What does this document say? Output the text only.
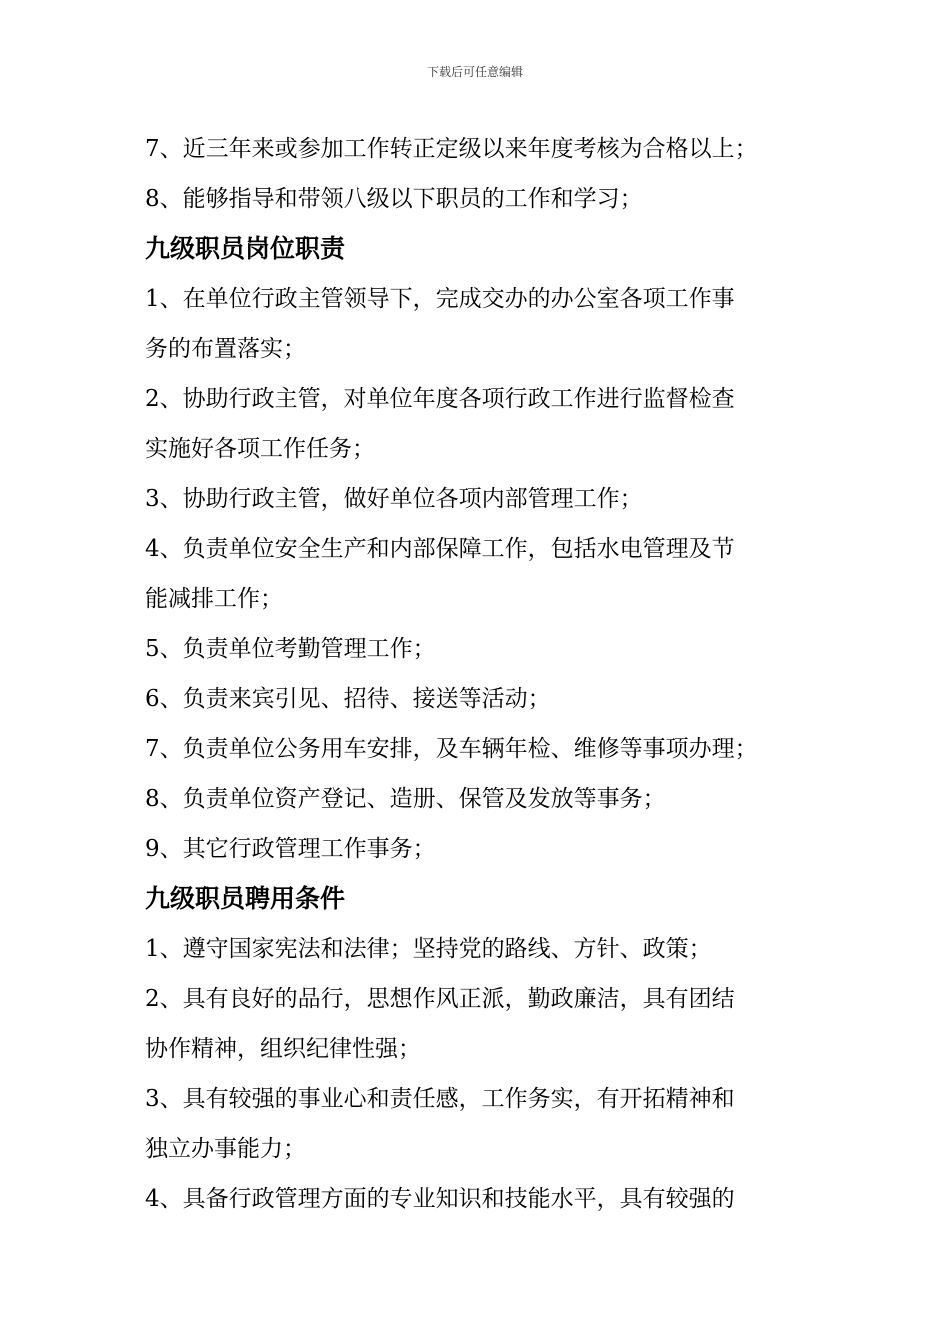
下载后可任意编辑
7、近三年来或参加工作转正定级以来年度考核为合格以上；
8、能够指导和带领八级以下职员的工作和学习；
九级职员岗位职责
1、在单位行政主管领导下，完成交办的办公室各项工作事
务的布置落实；
2、协助行政主管，对单位年度各项行政工作进行监督检查
实施好各项工作任务；
3、协助行政主管，做好单位各项内部管理工作；
4、负责单位安全生产和内部保障工作，包括水电管理及节
能减排工作；
5、负责单位考勤管理工作；
6、负责来宾引见、招待、接送等活动；
7、负责单位公务用车安排，及车辆年检、维修等事项办理；
8、负责单位资产登记、造册、保管及发放等事务；
9、其它行政管理工作事务；
九级职员聘用条件
1、遵守国家宪法和法律；坚持党的路线、方针、政策；
2、具有良好的品行，思想作风正派，勤政廉洁，具有团结
协作精神，组织纪律性强；
3、具有较强的事业心和责任感，工作务实，有开拓精神和
独立办事能力；
4、具备行政管理方面的专业知识和技能水平，具有较强的
